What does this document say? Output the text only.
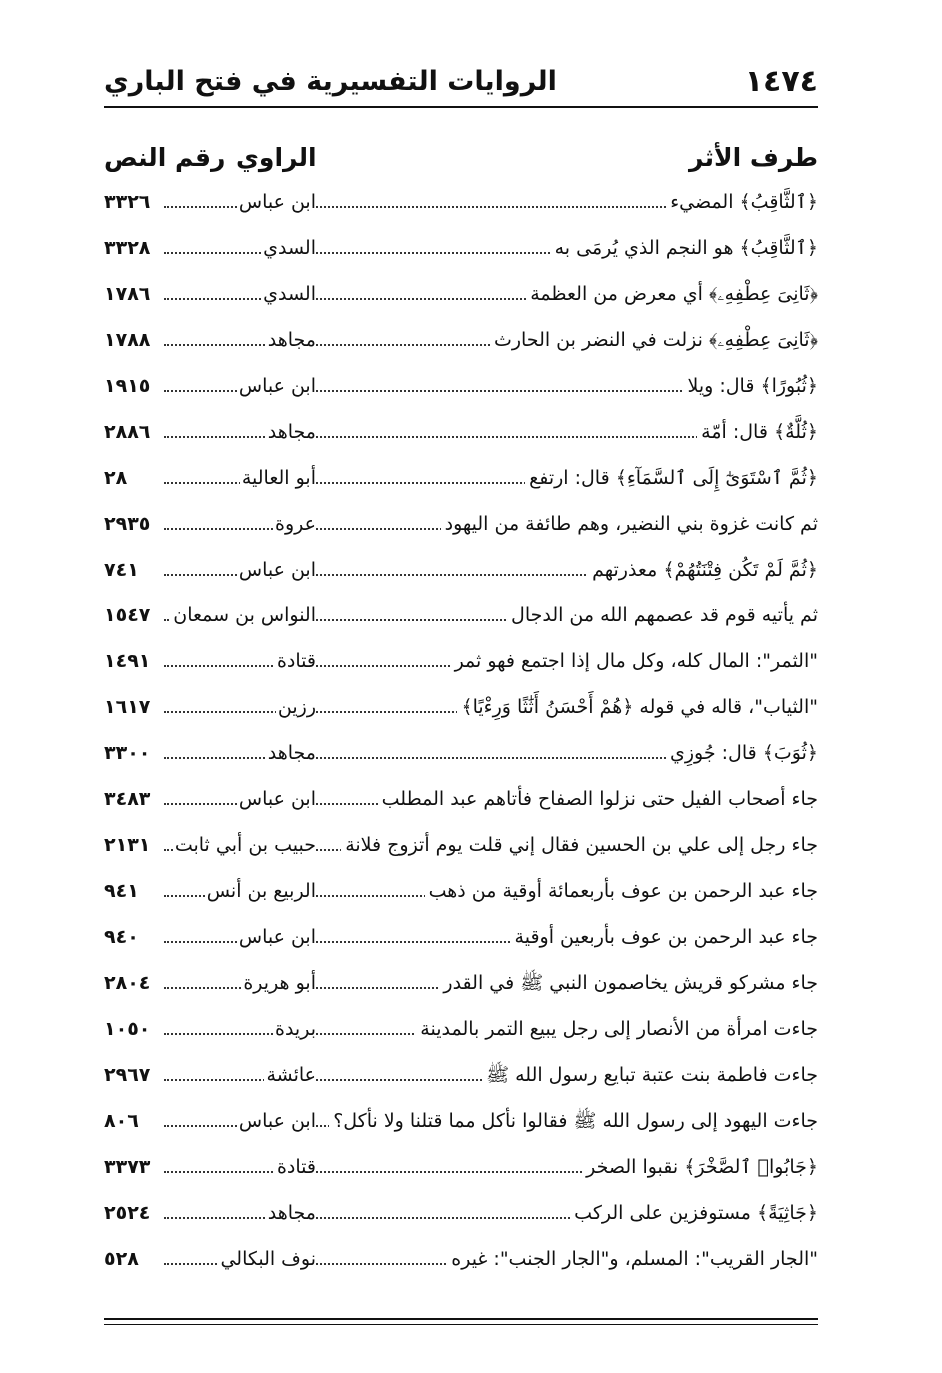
١٤٧٤
الروايات التفسيرية في فتح الباري
طرف الأثر
الراوي
رقم النص
﴿ٱلثَّاقِبُ﴾ المضيء
ابن عباس
٣٣٢٦
﴿ٱلثَّاقِبُ﴾ هو النجم الذي يُرمَى به
السدي
٣٣٢٨
﴿ثَانِىَ عِطْفِهِۦ﴾ أي معرض من العظمة
السدي
١٧٨٦
﴿ثَانِىَ عِطْفِهِۦ﴾ نزلت في النضر بن الحارث
مجاهد
١٧٨٨
﴿ثُبُورًا﴾ قال: ويلا
ابن عباس
١٩١٥
﴿ثُلَّةٌ﴾ قال: أمّة
مجاهد
٢٨٨٦
﴿ثُمَّ ٱسْتَوَىٰٓ إِلَى ٱلسَّمَآءِ﴾ قال: ارتفع
أبو العالية
٢٨
ثم كانت غزوة بني النضير، وهم طائفة من اليهود
عروة
٢٩٣٥
﴿ثُمَّ لَمْ تَكُن فِتْنَتُهُمْ﴾ معذرتهم
ابن عباس
٧٤١
ثم يأتيه قوم قد عصمهم الله من الدجال
النواس بن سمعان
١٥٤٧
"الثمر": المال كله، وكل مال إذا اجتمع فهو ثمر
قتادة
١٤٩١
"الثياب"، قاله في قوله ﴿هُمْ أَحْسَنُ أَثَٰثًا وَرِءْيًا﴾
رزين
١٦١٧
﴿ثُوَبَ﴾ قال: جُوزِي
مجاهد
٣٣٠٠
جاء أصحاب الفيل حتى نزلوا الصفاح فأتاهم عبد المطلب
ابن عباس
٣٤٨٣
جاء رجل إلى علي بن الحسين فقال إني قلت يوم أتزوج فلانة
حبيب بن أبي ثابت
٢١٣١
جاء عبد الرحمن بن عوف بأربعمائة أوقية من ذهب
الربيع بن أنس
٩٤١
جاء عبد الرحمن بن عوف بأربعين أوقية
ابن عباس
٩٤٠
جاء مشركو قريش يخاصمون النبي ﷺ في القدر
أبو هريرة
٢٨٠٤
جاءت امرأة من الأنصار إلى رجل يبيع التمر بالمدينة
بريدة
١٠٥٠
جاءت فاطمة بنت عتبة تبايع رسول الله ﷺ
عائشة
٢٩٦٧
جاءت اليهود إلى رسول الله ﷺ فقالوا نأكل مما قتلنا ولا نأكل؟
ابن عباس
٨٠٦
﴿جَابُوا۟ ٱلصَّخْرَ﴾ نقبوا الصخر
قتادة
٣٣٧٣
﴿جَاثِيَةً﴾ مستوفزين على الركب
مجاهد
٢٥٢٤
"الجار القريب": المسلم، و"الجار الجنب": غيره
نوف البكالي
٥٢٨
